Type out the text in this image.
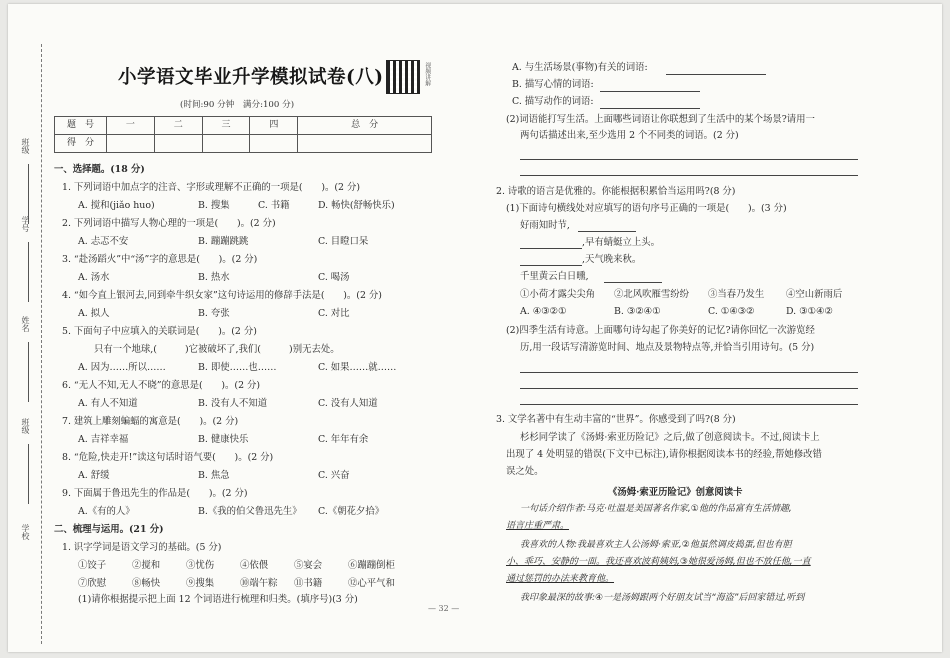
班级
学号
姓名
班级
学校
小学语文毕业升学模拟试卷(八)	视频讲解
(时间:90 分钟　满分:100 分)
题　号	一	二	三	四	总　分
得　分					
一、选择题。(18 分)
1. 下列词语中加点字的注音、字形或理解不正确的一项是(　　)。(2 分)
A. 搅和(jiǎo huo)	B. 搜集	C. 书籍	D. 畅快(舒畅快乐)
2. 下列词语中描写人物心理的一项是(　　)。(2 分)
A. 忐忑不安	B. 蹦蹦跳跳	C. 目瞪口呆
3. “赴汤蹈火”中“汤”字的意思是(　　)。(2 分)
A. 汤水	B. 热水	C. 喝汤
4. “如今直上银河去,同到牵牛织女家”这句诗运用的修辞手法是(　　)。(2 分)
A. 拟人	B. 夸张	C. 对比
5. 下面句子中应填入的关联词是(　　)。(2 分)
只有一个地球,(　　　)它被破坏了,我们(　　　)别无去处。
A. 因为……所以……	B. 即使……也……	C. 如果……就……
6. “无人不知,无人不晓”的意思是(　　)。(2 分)
A. 有人不知道	B. 没有人不知道	C. 没有人知道
7. 建筑上雕刻蝙蝠的寓意是(　　)。(2 分)
A. 吉祥幸福	B. 健康快乐	C. 年年有余
8. “危险,快走开!”读这句话时语气要(　　)。(2 分)
A. 舒缓	B. 焦急	C. 兴奋
9. 下面属于鲁迅先生的作品是(　　)。(2 分)
A.《有的人》	B.《我的伯父鲁迅先生》 C.《朝花夕拾》
二、梳理与运用。(21 分)
1. 识字学词是语文学习的基础。(5 分)
①饺子	②搅和	③忧伤	④依偎	⑤宴会	⑥蹦蹦倒柜
⑦欣慰	⑧畅快	⑨搜集	⑩端午粽 ⑪书籍	⑫心平气和
(1)请你根据提示把上面 12 个词语进行梳理和归类。(填序号)(3 分)
A. 与生活场景(事物)有关的词语:
B. 描写心情的词语:
C. 描写动作的词语:
(2)词语能打写生活。上面哪些词语让你联想到了生活中的某个场景?请用一
两句话描述出来,至少选用 2 个不同类的词语。(2 分)
2. 诗歌的语言是优雅的。你能根据积累恰当运用吗?(8 分)
(1)下面诗句横线处对应填写的语句序号正确的一项是(　　)。(3 分)
好雨知时节,
,早有蜻蜓立上头。
,天气晚来秋。
千里黄云白日曛,
①小荷才露尖尖角 ②北风吹雁雪纷纷 ③当春乃发生 ④空山新雨后
A. ④③②①	B. ③②④①	C. ①④③②	D. ③①④②
(2)四季生活有诗意。上面哪句诗勾起了你美好的记忆?请你回忆一次游览经
历,用一段话写清游览时间、地点及景物特点等,并恰当引用诗句。(5 分)
3. 文学名著中有生动丰富的“世界”。你感受到了吗?(8 分)
杉杉同学读了《汤姆·索亚历险记》之后,做了创意阅读卡。不过,阅读卡上
出现了 4 处明显的错误(下文中已标注),请你根据阅读本书的经验,帮她修改错
误之处。
《汤姆·索亚历险记》创意阅读卡
一句话介绍作者:马克·吐温是美国著名作家,①他的作品富有生活情趣,
语言庄重严肃。
我喜欢的人物:我最喜欢主人公汤姆·索亚,②他虽然调皮捣蛋,但也有胆
小、乖巧、安静的一面。我还喜欢波莉姨妈,③她很爱汤姆,但也不放任他,一直
通过惩罚的办法来教育他。
我印象最深的故事:④一是汤姆跟两个好朋友试当“海盗”后回家错过,听到
— 32 —
